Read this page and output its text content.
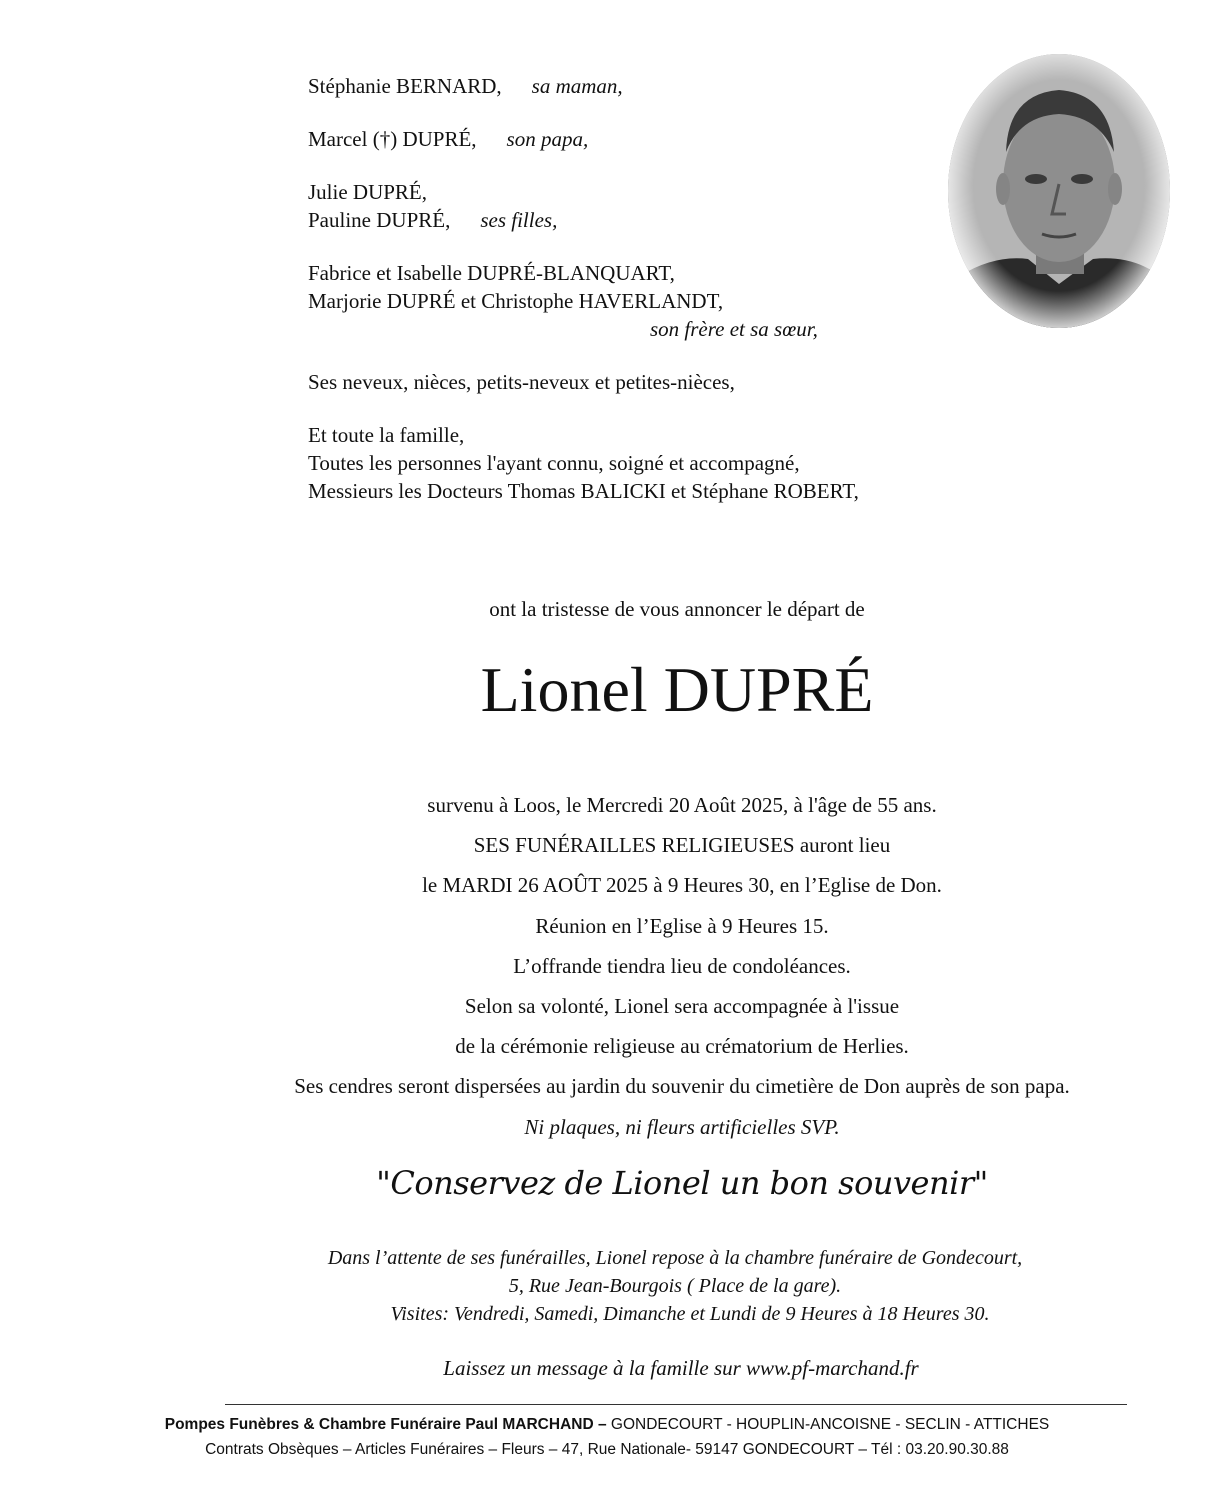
Stéphanie BERNARD, sa maman,
Marcel (†) DUPRÉ, son papa,
Julie DUPRÉ,
Pauline DUPRÉ, ses filles,
Fabrice et Isabelle DUPRÉ-BLANQUART,
Marjorie DUPRÉ et Christophe HAVERLANDT,
son frère et sa sœur,
Ses neveux, nièces, petits-neveux et petites-nièces,
Et toute la famille,
Toutes les personnes l'ayant connu, soigné et accompagné,
Messieurs les Docteurs Thomas BALICKI et Stéphane ROBERT,
ont la tristesse de vous annoncer le départ de
Lionel DUPRÉ
survenu à Loos, le Mercredi 20 Août 2025, à l'âge de 55 ans.
SES FUNÉRAILLES RELIGIEUSES auront lieu
le MARDI 26 AOÛT 2025 à 9 Heures 30, en l’Eglise de Don.
Réunion en l’Eglise à 9 Heures 15.
L’offrande tiendra lieu de condoléances.
Selon sa volonté, Lionel sera accompagnée à l'issue
de la cérémonie religieuse au crématorium de Herlies.
Ses cendres seront dispersées au jardin du souvenir du cimetière de Don auprès de son papa.
Ni plaques, ni fleurs artificielles SVP.
"Conservez de Lionel un bon souvenir"
Dans l’attente de ses funérailles, Lionel repose à la chambre funéraire de Gondecourt,
5, Rue Jean-Bourgois ( Place de la gare).
Visites: Vendredi, Samedi, Dimanche et Lundi de 9 Heures à 18 Heures 30.
Laissez un message à la famille sur www.pf-marchand.fr
Pompes Funèbres & Chambre Funéraire Paul MARCHAND – GONDECOURT - HOUPLIN-ANCOISNE - SECLIN - ATTICHES
Contrats Obsèques – Articles Funéraires – Fleurs – 47, Rue Nationale- 59147 GONDECOURT – Tél : 03.20.90.30.88
